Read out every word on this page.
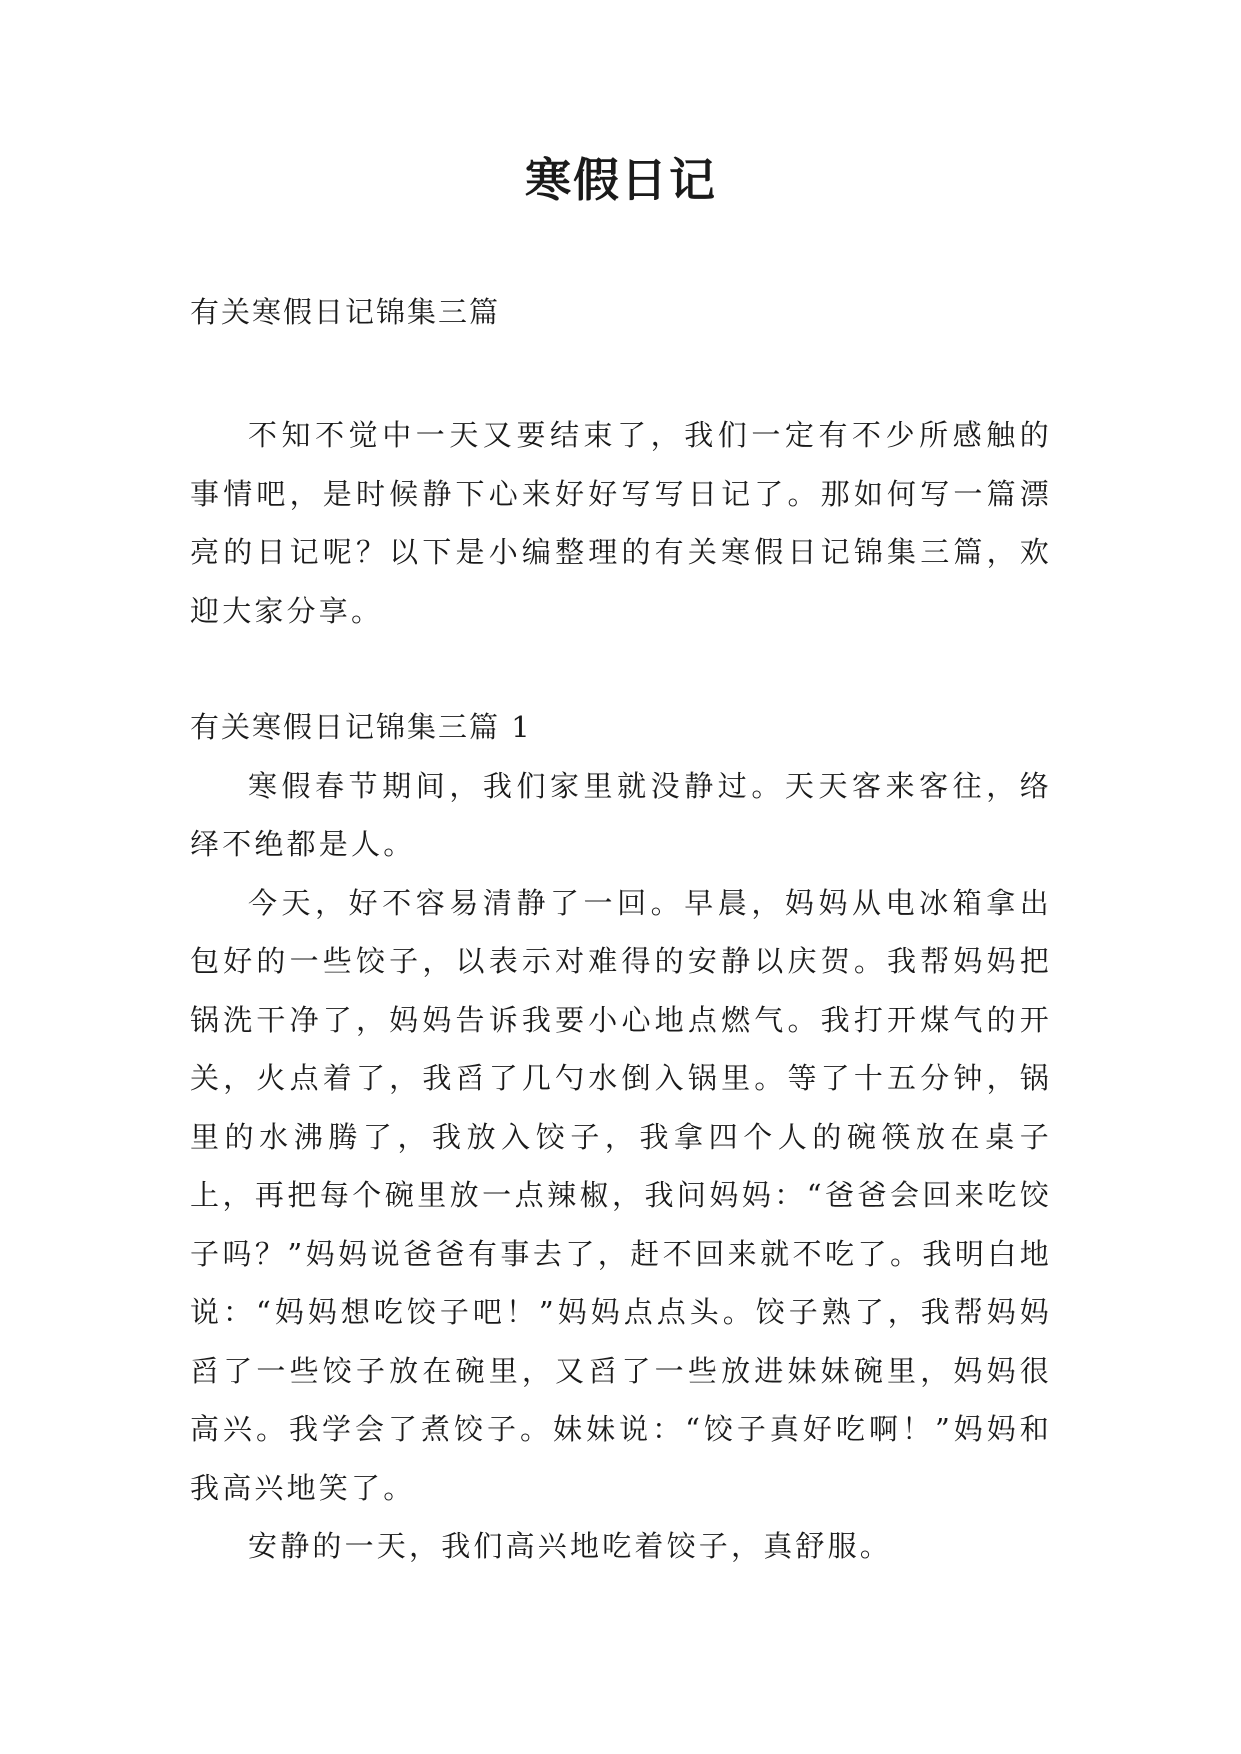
寒假日记

有关寒假日记锦集三篇

不知不觉中一天又要结束了，我们一定有不少所感触的事情吧，是时候静下心来好好写写日记了。那如何写一篇漂亮的日记呢？以下是小编整理的有关寒假日记锦集三篇，欢迎大家分享。

有关寒假日记锦集三篇 1

寒假春节期间，我们家里就没静过。天天客来客往，络绎不绝都是人。

今天，好不容易清静了一回。早晨，妈妈从电冰箱拿出包好的一些饺子，以表示对难得的安静以庆贺。我帮妈妈把锅洗干净了，妈妈告诉我要小心地点燃气。我打开煤气的开关，火点着了，我舀了几勺水倒入锅里。等了十五分钟，锅里的水沸腾了，我放入饺子，我拿四个人的碗筷放在桌子上，再把每个碗里放一点辣椒，我问妈妈：“爸爸会回来吃饺子吗？”妈妈说爸爸有事去了，赶不回来就不吃了。我明白地说：“妈妈想吃饺子吧！”妈妈点点头。饺子熟了，我帮妈妈舀了一些饺子放在碗里，又舀了一些放进妹妹碗里，妈妈很高兴。我学会了煮饺子。妹妹说：“饺子真好吃啊！”妈妈和我高兴地笑了。

安静的一天，我们高兴地吃着饺子，真舒服。
